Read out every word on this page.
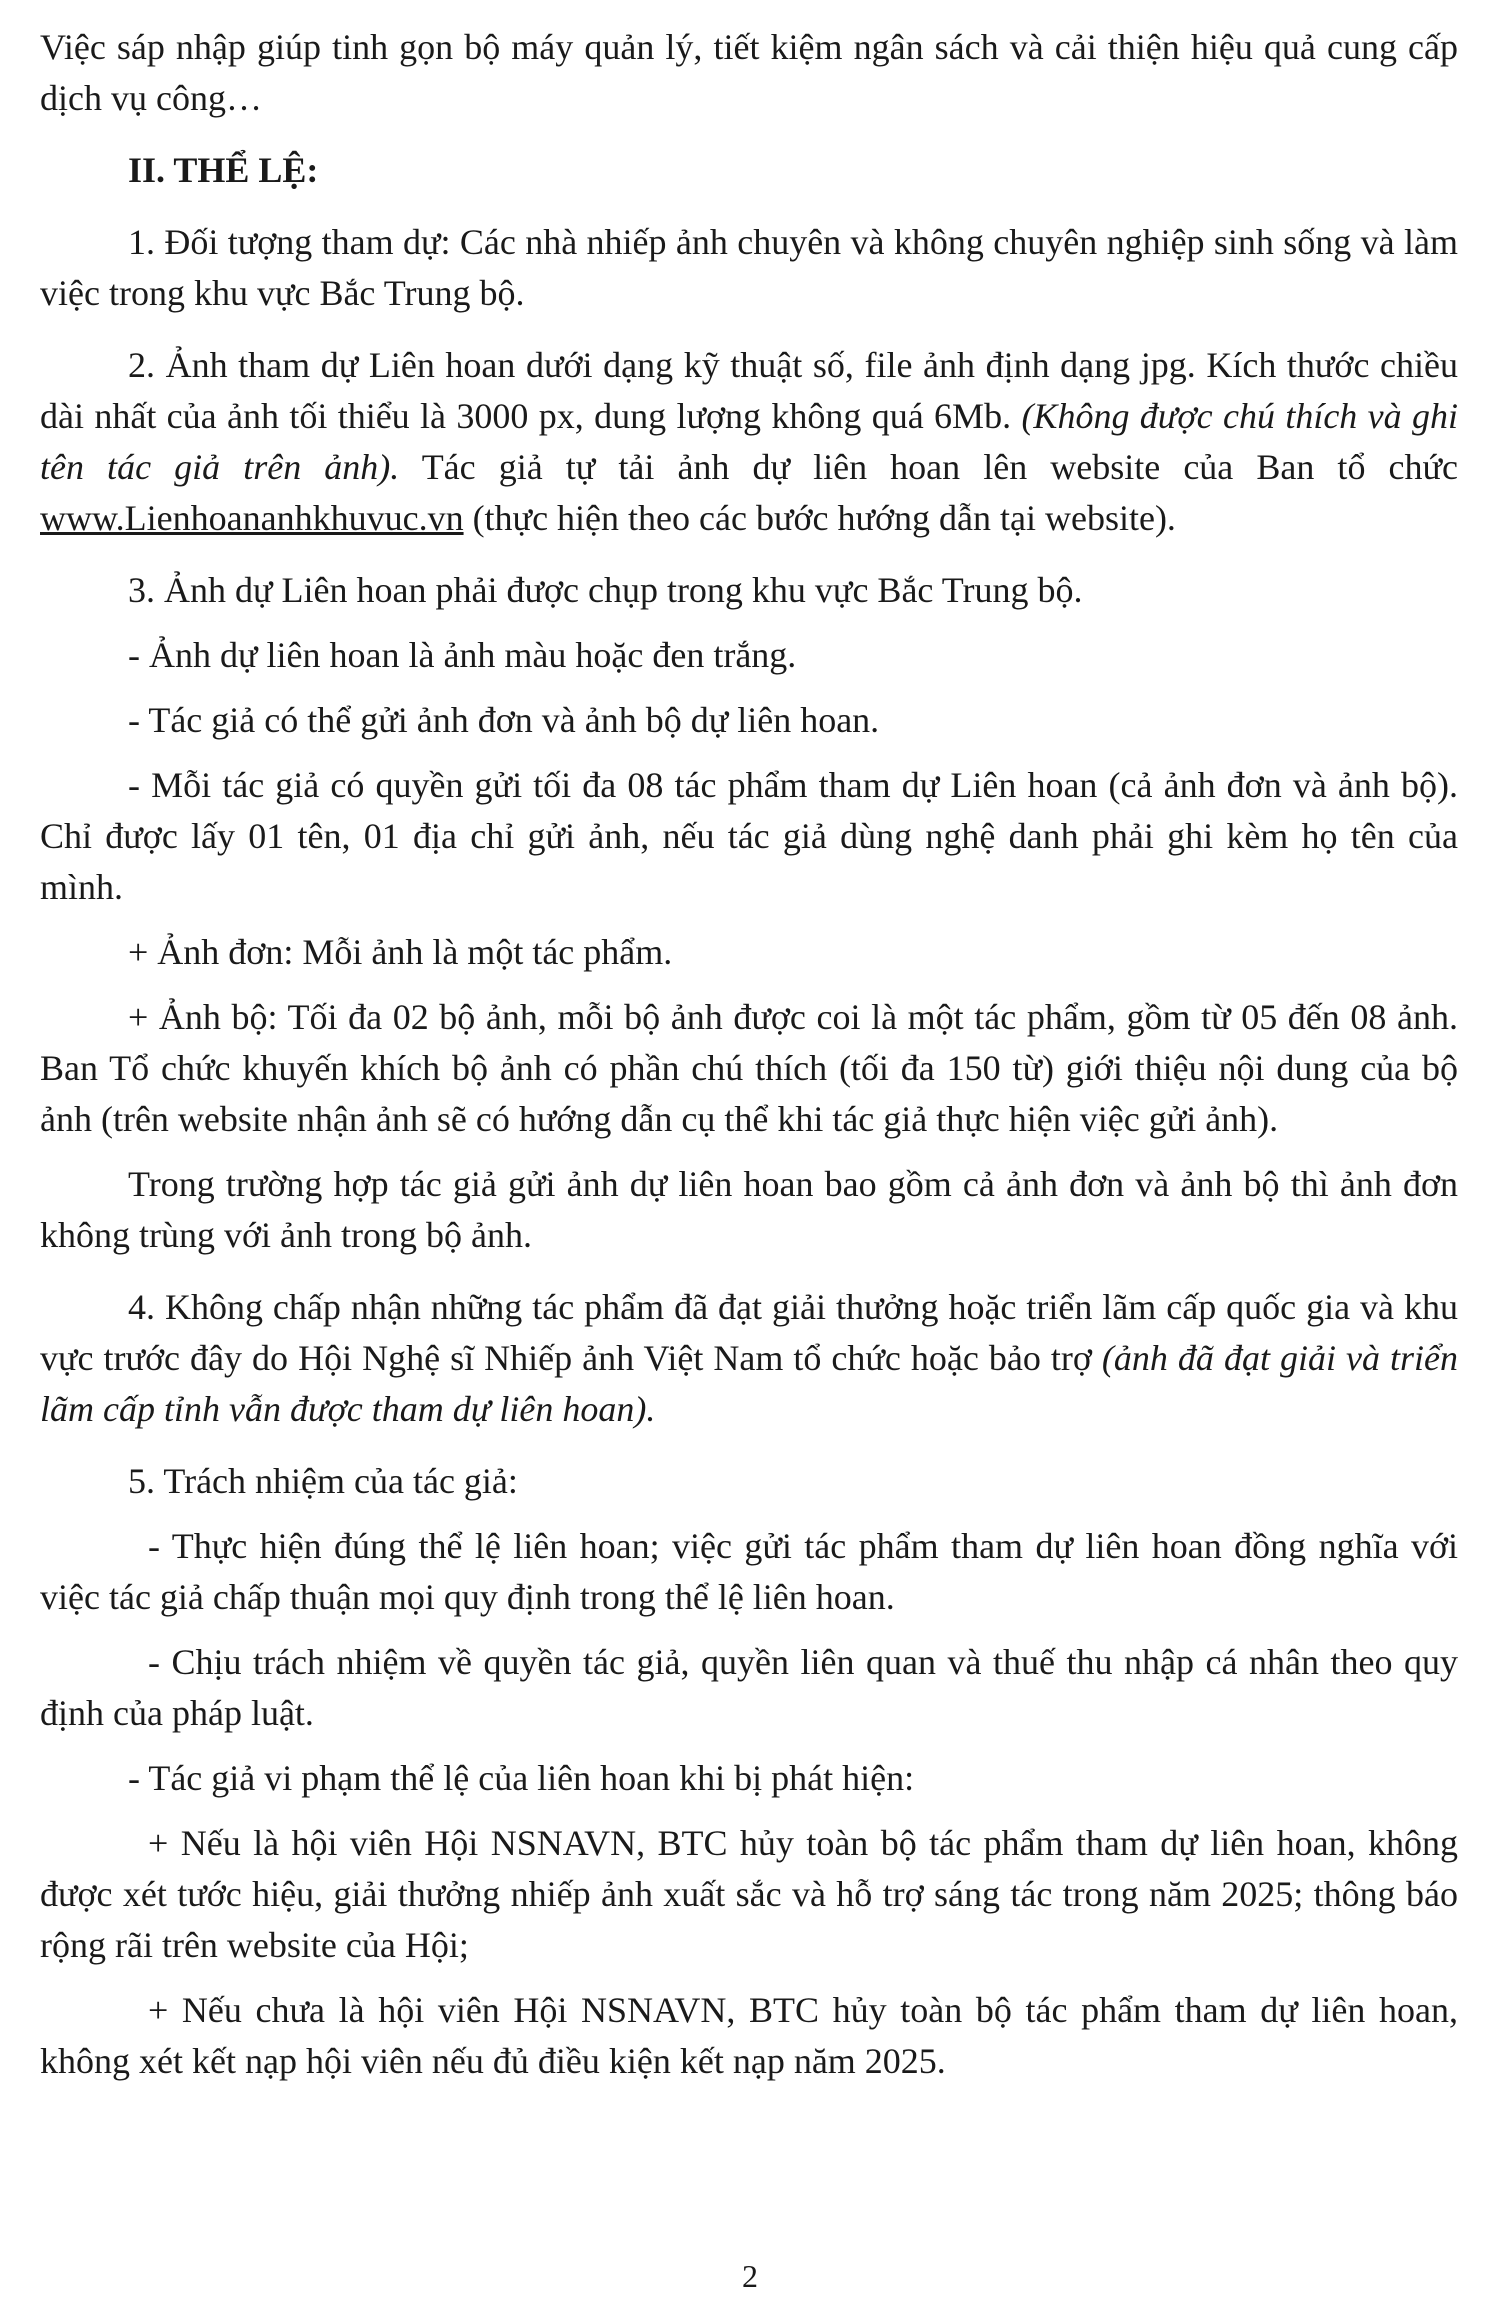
Việc sáp nhập giúp tinh gọn bộ máy quản lý, tiết kiệm ngân sách và cải thiện hiệu quả cung cấp dịch vụ công…

II. THỂ LỆ:

1. Đối tượng tham dự: Các nhà nhiếp ảnh chuyên và không chuyên nghiệp sinh sống và làm việc trong khu vực Bắc Trung bộ.

2. Ảnh tham dự Liên hoan dưới dạng kỹ thuật số, file ảnh định dạng jpg. Kích thước chiều dài nhất của ảnh tối thiểu là 3000 px, dung lượng không quá 6Mb. (Không được chú thích và ghi tên tác giả trên ảnh). Tác giả tự tải ảnh dự liên hoan lên website của Ban tổ chức www.Lienhoananhkhuvuc.vn (thực hiện theo các bước hướng dẫn tại website).

3. Ảnh dự Liên hoan phải được chụp trong khu vực Bắc Trung bộ.

- Ảnh dự liên hoan là ảnh màu hoặc đen trắng.

- Tác giả có thể gửi ảnh đơn và ảnh bộ dự liên hoan.

- Mỗi tác giả có quyền gửi tối đa 08 tác phẩm tham dự Liên hoan (cả ảnh đơn và ảnh bộ). Chỉ được lấy 01 tên, 01 địa chỉ gửi ảnh, nếu tác giả dùng nghệ danh phải ghi kèm họ tên của mình.

+ Ảnh đơn: Mỗi ảnh là một tác phẩm.

+ Ảnh bộ: Tối đa 02 bộ ảnh, mỗi bộ ảnh được coi là một tác phẩm, gồm từ 05 đến 08 ảnh. Ban Tổ chức khuyến khích bộ ảnh có phần chú thích (tối đa 150 từ) giới thiệu nội dung của bộ ảnh (trên website nhận ảnh sẽ có hướng dẫn cụ thể khi tác giả thực hiện việc gửi ảnh).

Trong trường hợp tác giả gửi ảnh dự liên hoan bao gồm cả ảnh đơn và ảnh bộ thì ảnh đơn không trùng với ảnh trong bộ ảnh.

4. Không chấp nhận những tác phẩm đã đạt giải thưởng hoặc triển lãm cấp quốc gia và khu vực trước đây do Hội Nghệ sĩ Nhiếp ảnh Việt Nam tổ chức hoặc bảo trợ (ảnh đã đạt giải và triển lãm cấp tỉnh vẫn được tham dự liên hoan).

5. Trách nhiệm của tác giả:

- Thực hiện đúng thể lệ liên hoan; việc gửi tác phẩm tham dự liên hoan đồng nghĩa với việc tác giả chấp thuận mọi quy định trong thể lệ liên hoan.

- Chịu trách nhiệm về quyền tác giả, quyền liên quan và thuế thu nhập cá nhân theo quy định của pháp luật.

- Tác giả vi phạm thể lệ của liên hoan khi bị phát hiện:

+ Nếu là hội viên Hội NSNAVN, BTC hủy toàn bộ tác phẩm tham dự liên hoan, không được xét tước hiệu, giải thưởng nhiếp ảnh xuất sắc và hỗ trợ sáng tác trong năm 2025; thông báo rộng rãi trên website của Hội;

+ Nếu chưa là hội viên Hội NSNAVN, BTC hủy toàn bộ tác phẩm tham dự liên hoan, không xét kết nạp hội viên nếu đủ điều kiện kết nạp năm 2025.

2
